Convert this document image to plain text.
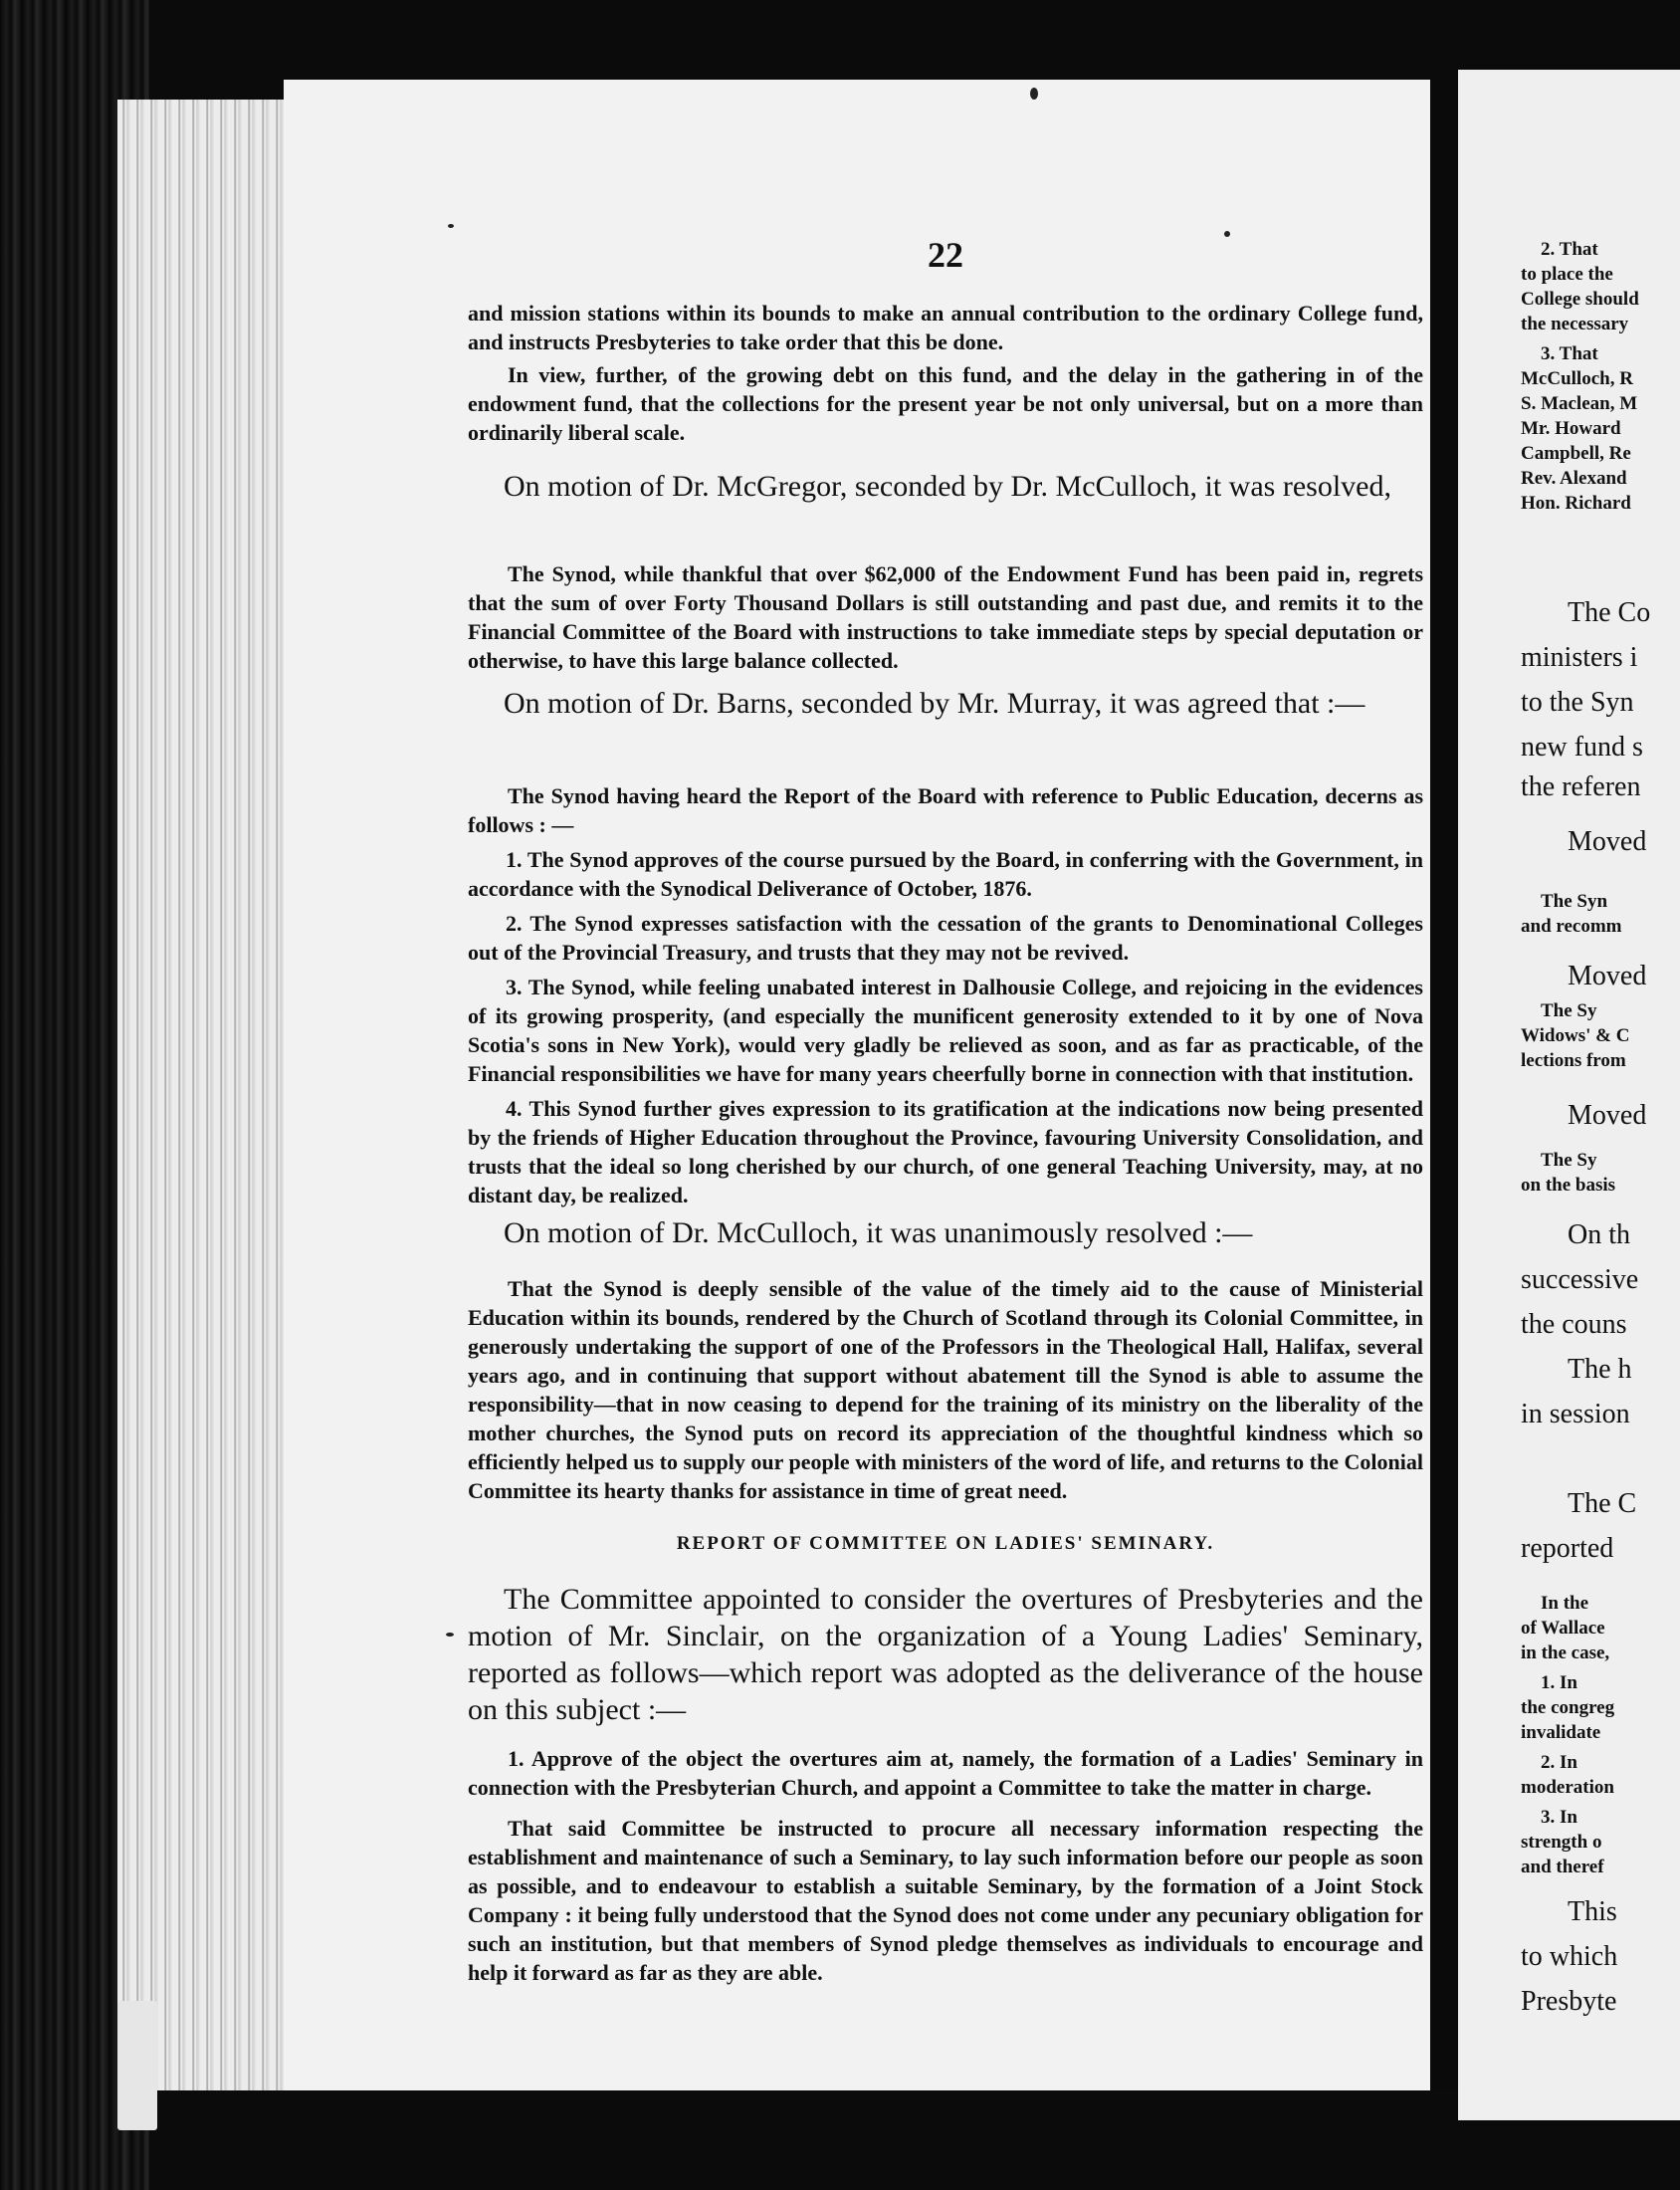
2. That
to place the
College should
the necessary
3. That
McCulloch, R
S. Maclean, M
Mr. Howard
Campbell, Re
Rev. Alexand
Hon. Richard
The Co
ministers i
to the Syn
new fund s
the referen
Moved
The Syn
and recomm
Moved
The Sy
Widows' & C
lections from
Moved
The Sy
on the basis
On th
successive
the couns
The h
in session
The C
reported
In the
of Wallace
in the case,
1. In
the congreg
invalidate
2. In
moderation
3. In
strength o
and theref
This
to which
Presbyte
22

and mission stations within its bounds to make an annual contribution to the ordinary College fund, and instructs Presbyteries to take order that this be done.

In view, further, of the growing debt on this fund, and the delay in the gathering in of the endowment fund, that the collections for the present year be not only universal, but on a more than ordinarily liberal scale.

On motion of Dr. McGregor, seconded by Dr. McCulloch, it was resolved,

The Synod, while thankful that over $62,000 of the Endowment Fund has been paid in, regrets that the sum of over Forty Thousand Dollars is still outstanding and past due, and remits it to the Financial Committee of the Board with instructions to take immediate steps by special deputation or otherwise, to have this large balance collected.

On motion of Dr. Barns, seconded by Mr. Murray, it was agreed that :—

The Synod having heard the Report of the Board with reference to Public Education, decerns as follows : —

1. The Synod approves of the course pursued by the Board, in conferring with the Government, in accordance with the Synodical Deliverance of October, 1876.

2. The Synod expresses satisfaction with the cessation of the grants to Denominational Colleges out of the Provincial Treasury, and trusts that they may not be revived.

3. The Synod, while feeling unabated interest in Dalhousie College, and rejoicing in the evidences of its growing prosperity, (and especially the munificent generosity extended to it by one of Nova Scotia's sons in New York), would very gladly be relieved as soon, and as far as practicable, of the Financial responsibilities we have for many years cheerfully borne in connection with that institution.

4. This Synod further gives expression to its gratification at the indications now being presented by the friends of Higher Education throughout the Province, favouring University Consolidation, and trusts that the ideal so long cherished by our church, of one general Teaching University, may, at no distant day, be realized.

On motion of Dr. McCulloch, it was unanimously resolved :—

That the Synod is deeply sensible of the value of the timely aid to the cause of Ministerial Education within its bounds, rendered by the Church of Scotland through its Colonial Committee, in generously undertaking the support of one of the Professors in the Theological Hall, Halifax, several years ago, and in continuing that support without abatement till the Synod is able to assume the responsibility—that in now ceasing to depend for the training of its ministry on the liberality of the mother churches, the Synod puts on record its appreciation of the thoughtful kindness which so efficiently helped us to supply our people with ministers of the word of life, and returns to the Colonial Committee its hearty thanks for assistance in time of great need.

REPORT OF COMMITTEE ON LADIES' SEMINARY.

The Committee appointed to consider the overtures of Presbyteries and the motion of Mr. Sinclair, on the organization of a Young Ladies' Seminary, reported as follows—which report was adopted as the deliverance of the house on this subject :—

1. Approve of the object the overtures aim at, namely, the formation of a Ladies' Seminary in connection with the Presbyterian Church, and appoint a Committee to take the matter in charge.

That said Committee be instructed to procure all necessary information respecting the establishment and maintenance of such a Seminary, to lay such information before our people as soon as possible, and to endeavour to establish a suitable Seminary, by the formation of a Joint Stock Company : it being fully understood that the Synod does not come under any pecuniary obligation for such an institution, but that members of Synod pledge themselves as individuals to encourage and help it forward as far as they are able.
